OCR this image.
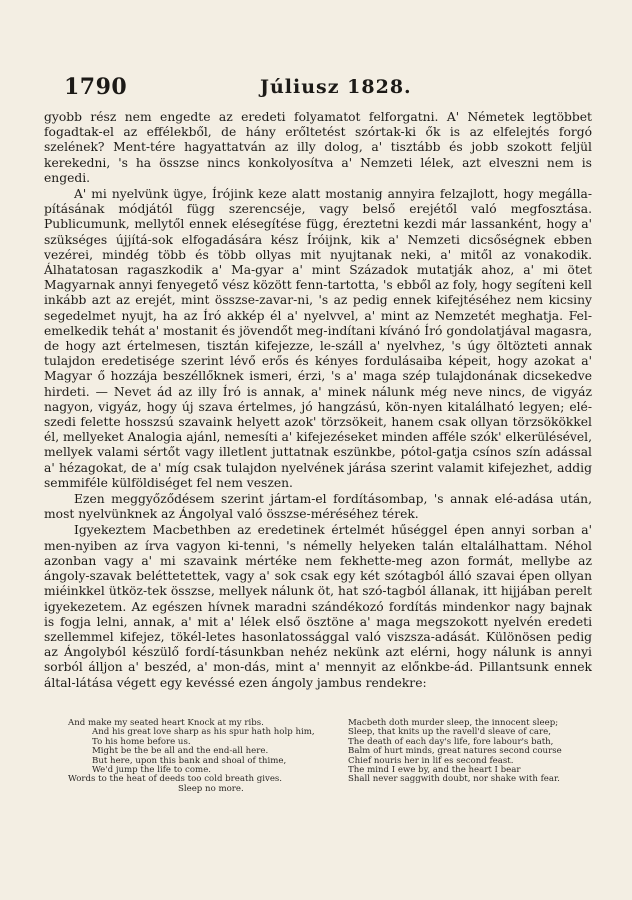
1790	Júliusz 1828.

gyobb rész nem engedte az eredeti folyamatot felforgatni. A' Németek legtöbbet fogadtak-el az effélekből, de hány erőltetést szórtak-ki ők is az elfelejtés forgó szelének? Ment-tére hagyattatván az illy dolog, a' tisztább és jobb szokott feljül kerekedni, 's ha összse nincs konkolyosítva a' Nemzeti lélek, azt elveszni nem is engedi.

A' mi nyelvünk ügye, Írójink keze alatt mostanig annyira felzajlott, hogy megálla-pításának módjától függ szerencséje, vagy belső erejétől való megfosztása. Publicumunk, mellytől ennek elésegítése függ, éreztetni kezdi már lassanként, hogy a' szükséges újjítá-sok elfogadására kész Íróijnk, kik a' Nemzeti dicsőségnek ebben vezérei, mindég több és több ollyas mit nyujtanak neki, a' mitől az vonakodik. Álhatatosan ragaszkodik a' Ma-gyar a' mint Századok mutatják ahoz, a' mi ötet Magyarnak annyi fenyegető vész között fenn-tartotta, 's ebből az foly, hogy segíteni kell inkább azt az erejét, mint összse-zavar-ni, 's az pedig ennek kifejtéséhez nem kicsiny segedelmet nyujt, ha az Író akkép él a' nyelvvel, a' mint az Nemzetét meghatja. Fel-emelkedik tehát a' mostanit és jövendőt meg-indítani kívánó Író gondolatjával magasra, de hogy azt értelmesen, tisztán kifejezze, le-száll a' nyelvhez, 's úgy öltözteti annak tulajdon eredetisége szerint lévő erős és kényes fordulásaiba képeit, hogy azokat a' Magyar ő hozzája beszéllőknek ismeri, érzi, 's a' maga szép tulajdonának dicsekedve hirdeti. — Nevet ád az illy Író is annak, a' minek nálunk még neve nincs, de vigyáz nagyon, vigyáz, hogy új szava értelmes, jó hangzású, kön-nyen kitalálható legyen; elé-szedi felette hosszsú szavaink helyett azok' törzsökeit, hanem csak ollyan törzsökökkel él, mellyeket Analogia ajánl, nemesíti a' kifejezéseket minden afféle szók' elkerülésével, mellyek valami sértőt vagy illetlent juttatnak eszünkbe, pótol-gatja csínos szín adással a' hézagokat, de a' míg csak tulajdon nyelvének járása szerint valamit kifejezhet, addig semmiféle külföldiséget fel nem veszen.

Ezen meggyőződésem szerint jártam-el fordításombap, 's annak elé-adása után, most nyelvünknek az Ángolyal való összse-méréséhez térek.

Igyekeztem Macbethben az eredetinek értelmét hűséggel épen annyi sorban a' men-nyiben az írva vagyon ki-tenni, 's némelly helyeken talán eltalálhattam. Néhol azonban vagy a' mi szavaink mértéke nem fekhette-meg azon formát, mellybe az ángoly-szavak beléttetettek, vagy a' sok csak egy két szótagból álló szavai épen ollyan miéinkkel ütköz-tek összse, mellyek nálunk öt, hat szó-tagból állanak, itt hijjában perelt igyekezetem. Az egészen hívnek maradni szándékozó fordítás mindenkor nagy bajnak is fogja lelni, annak, a' mit a' lélek első ösztöne a' maga megszokott nyelvén eredeti szellemmel kifejez, tökél-letes hasonlatossággal való viszsza-adását. Különösen pedig az Ángolyból készülő fordí-tásunkban nehéz nekünk azt elérni, hogy nálunk is annyi sorból álljon a' beszéd, a' mon-dás, mint a' mennyit az előnkbe-ád. Pillantsunk ennek által-látása végett egy kevéssé ezen ángoly jambus rendekre:

And make my seated heart Knock at my ribs.
And his great love sharp as his spur hath holp him,
To his home before us.
Might be the be all and the end-all here.
But here, upon this bank and shoal of thime,
We'd jump the life to come.
Words to the heat of deeds too cold breath gives.
Sleep no more.
Macbeth doth murder sleep, the innocent sleep;
Sleep, that knits up the ravell'd sleave of care,
The death of each day's life, fore labour's bath,
Balm of hurt minds, great natures second course
Chief nouris her in lif es second feast.
The mind I ewe by, and the heart I bear
Shall never saggwith doubt, nor shake with fear.
